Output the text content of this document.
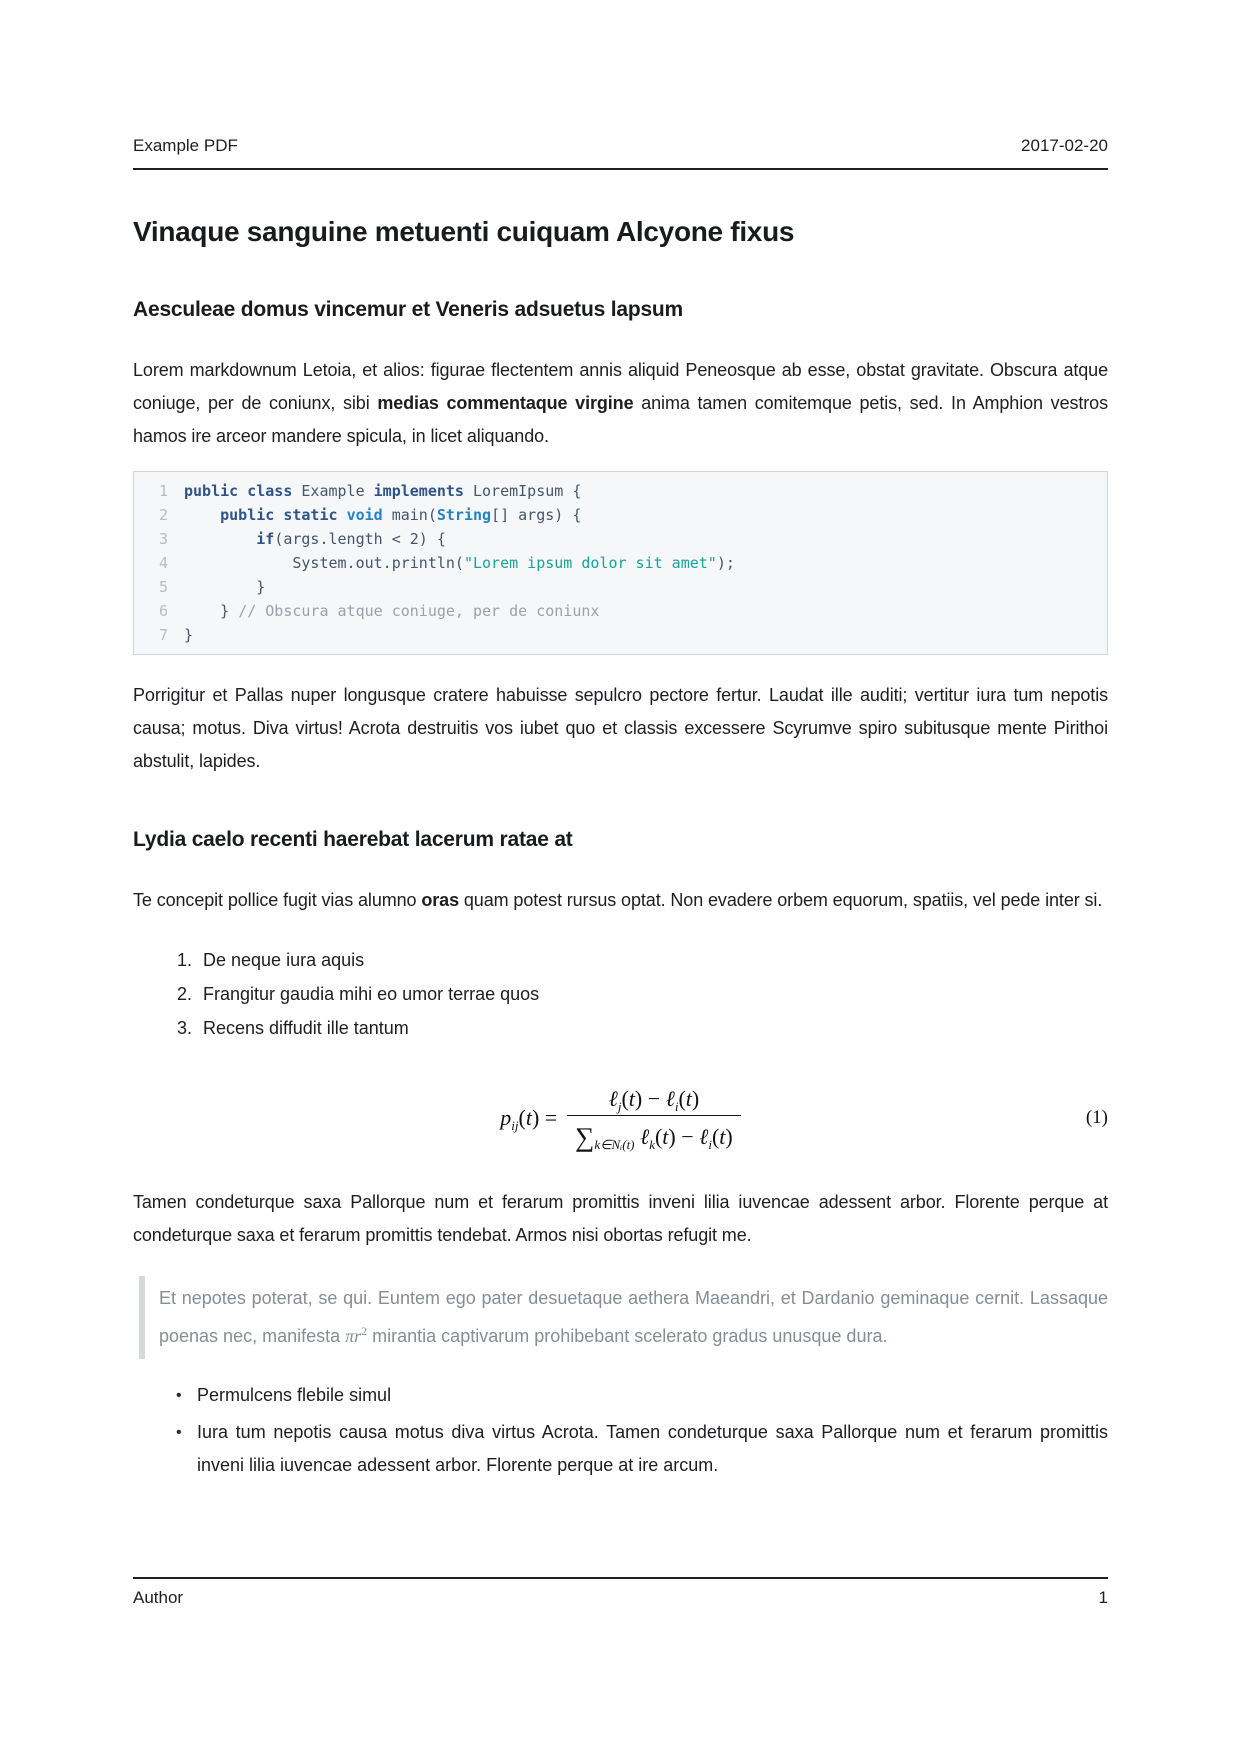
Example PDF	2017-02-20
Vinaque sanguine metuenti cuiquam Alcyone fixus
Aesculeae domus vincemur et Veneris adsuetus lapsum

Lorem markdownum Letoia, et alios: figurae flectentem annis aliquid Peneosque ab esse, obstat gravitate. Obscura atque coniuge, per de coniunx, sibi medias commentaque virgine anima tamen comitemque petis, sed. In Amphion vestros hamos ire arceor mandere spicula, in licet aliquando.

1 public class Example implements LoremIpsum {
2	public static void main(String[] args) {
3	if(args.length < 2) {
4 System.out.println("Lorem ipsum dolor sit amet");
5 }
6 } // Obscura atque coniuge, per de coniunx
7 }

Porrigitur et Pallas nuper longusque cratere habuisse sepulcro pectore fertur. Laudat ille auditi; vertitur iura tum nepotis causa; motus. Diva virtus! Acrota destruitis vos iubet quo et classis excessere Scyrumve spiro subitusque mente Pirithoi abstulit, lapides.

Lydia caelo recenti haerebat lacerum ratae at

Te concepit pollice fugit vias alumno oras quam potest rursus optat. Non evadere orbem equorum, spatiis, vel pede inter si.

1. De neque iura aquis
2. Frangitur gaudia mihi eo umor terrae quos
3. Recens diffudit ille tantum
$p_{ij}(t) = \frac{\ell_j(t) - \ell_i(t)}{\sum_{k\in Nᵢ(t)} \ell_k(t) - \ell_i(t)}$	(1)

Tamen condeturque saxa Pallorque num et ferarum promittis inveni lilia iuvencae adessent arbor. Florente perque at condeturque saxa et ferarum promittis tendebat. Armos nisi obortas refugit me.

Et nepotes poterat, se qui. Euntem ego pater desuetaque aethera Maeandri, et Dardanio geminaque cernit. Lassaque poenas nec, manifesta $\pi r^2$ mirantia captivarum prohibebant scelerato gradus unusque dura.
• Permulcens flebile simul
• Iura tum nepotis causa motus diva virtus Acrota. Tamen condeturque saxa Pallorque num et ferarum promittis inveni lilia iuvencae adessent arbor. Florente perque at ire arcum.
Author	1
